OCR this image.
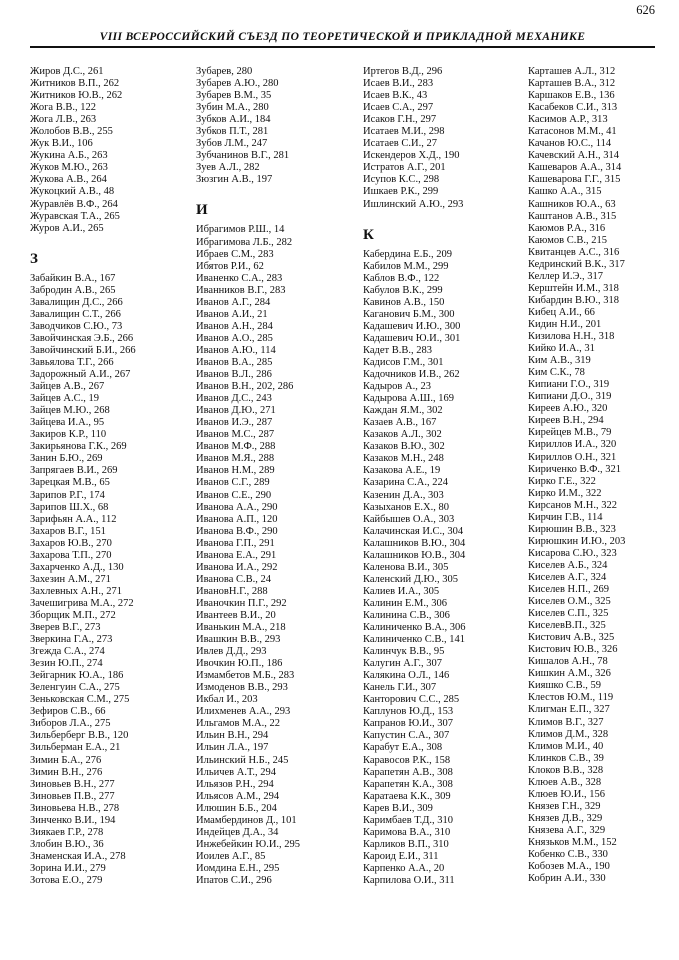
626
VIII ВСЕРОССИЙСКИЙ СЪЕЗД ПО ТЕОРЕТИЧЕСКОЙ И ПРИКЛАДНОЙ МЕХАНИКЕ
Жиров Д.С., 261
Житников В.П., 262
Житников Ю.В., 262
Жога В.В., 122
Жога Л.В., 263
Жолобов В.В., 255
Жук В.И., 106
Жукина А.Б., 263
Жуков М.Ю., 263
Жукова А.В., 264
Жукоцкий А.В., 48
Журавлёв В.Ф., 264
Журавская Т.А., 265
Журов А.И., 265
З
Забайкин В.А., 167
Забродин А.В., 265
Завалищин Д.С., 266
Завалищин С.Т., 266
Заводчиков С.Ю., 73
Завойчинская Э.Б., 266
Завойчинский Б.И., 266
Завьялова Т.Г., 266
Задорожный А.И., 267
Зайцев А.В., 267
Зайцев А.С., 19
Зайцев М.Ю., 268
Зайцева И.А., 95
Закиров К.Р., 110
Закирьянова Г.К., 269
Занин Б.Ю., 269
Запрягаев В.И., 269
Зарецкая М.В., 65
Зарипов Р.Г., 174
Зарипов Ш.Х., 68
Зарифьян А.А., 112
Захаров В.Г., 151
Захаров Ю.В., 270
Захарова Т.П., 270
Захарченко А.Д., 130
Захезин А.М., 271
Захлевных А.Н., 271
Зачешигрива М.А., 272
Зборщик М.П., 272
Зверев В.Г., 273
Зверкина Г.А., 273
Згежда С.А., 274
Зезин Ю.П., 274
Зейгарник Ю.А., 186
Зеленгуин С.А., 275
Зеньковская С.М., 275
Зефиров С.В., 66
Зиборов Л.А., 275
Зильберберг В.В., 120
Зильберман Е.А., 21
Зимин Б.А., 276
Зимин В.Н., 276
Зиновьев В.Н., 277
Зиновьев П.В., 277
Зиновьева Н.В., 278
Зинченко В.И., 194
Зиякаев Г.Р., 278
Злобин В.Ю., 36
Знаменская И.А., 278
Зорина И.И., 279
Зотова Е.О., 279
Зубарев, 280
Зубарев А.Ю., 280
Зубарев В.М., 35
Зубин М.А., 280
Зубков А.И., 184
Зубков П.Т., 281
Зубов Л.М., 247
Зубчанинов В.Г., 281
Зуев А.Л., 282
Зюзгин А.В., 197
И
Ибрагимов Р.Ш., 14
Ибрагимова Л.Б., 282
Ибраев С.М., 283
Ибятов Р.И., 62
Иваненко С.А., 283
Иванников В.Г., 283
Иванов А.Г., 284
Иванов А.И., 21
Иванов А.Н., 284
Иванов А.О., 285
Иванов А.Ю., 114
Иванов В.А., 285
Иванов В.Л., 286
Иванов В.Н., 202, 286
Иванов Д.С., 243
Иванов Д.Ю., 271
Иванов И.Э., 287
Иванов М.С., 287
Иванов М.Ф., 288
Иванов М.Я., 288
Иванов Н.М., 289
Иванов С.Г., 289
Иванов С.Е., 290
Иванова А.А., 290
Иванова А.П., 120
Иванова В.Ф., 290
Иванова Г.П., 291
Иванова Е.А., 291
Иванова И.А., 292
Иванова С.В., 24
ИвановН.Г., 288
Иваночкин П.Г., 292
Ивантеев В.И., 20
Иванькин М.А., 218
Ивашкин В.В., 293
Ивлев Д.Д., 293
Ивочкин Ю.П., 186
Измамбетов М.Б., 283
Измоденов В.В., 293
Икбал И., 203
Илихменев А.А., 293
Ильгамов М.А., 22
Ильин В.Н., 294
Ильин Л.А., 197
Ильинский Н.Б., 245
Ильичев А.Т., 294
Ильязов Р.Н., 294
Ильясов А.М., 294
Илюшин Б.Б., 204
Имамбердинов Д., 101
Индейцев Д.А., 34
Инжебейкин Ю.И., 295
Иоилев А.Г., 85
Иомдина Е.Н., 295
Ипатов С.И., 296
Иртегов В.Д., 296
Исаев В.И., 283
Исаев В.К., 43
Исаев С.А., 297
Исаков Г.Н., 297
Исатаев М.И., 298
Исатаев С.И., 27
Искендеров Х.Д., 190
Истратов А.Г., 201
Исупов К.С., 298
Ишкаев Р.К., 299
Ишлинский А.Ю., 293
К
Кабердина Е.Б., 209
Кабилов М.М., 299
Каблов В.Ф., 122
Кабулов В.К., 299
Кавинов А.В., 150
Каганович Б.М., 300
Кадашевич И.Ю., 300
Кадашевич Ю.И., 301
Кадет В.В., 283
Кадисов Г.М., 301
Кадочников И.В., 262
Кадыров А., 23
Кадырова А.Ш., 169
Каждан Я.М., 302
Казаев А.В., 167
Казаков А.Л., 302
Казаков В.Ю., 302
Казаков М.Н., 248
Казакова А.Е., 19
Казарина С.А., 224
Казенин Д.А., 303
Казыханов Е.Х., 80
Кайбышев О.А., 303
Калачинская И.С., 304
Калашников В.Ю., 304
Калашников Ю.В., 304
Каленова В.И., 305
Каленский Д.Ю., 305
Калиев И.А., 305
Калинин Е.М., 306
Калинина С.В., 306
Калиниченко В.А., 306
Калиниченко С.В., 141
Калинчук В.В., 95
Калугин А.Г., 307
Калякина О.Л., 146
Канель Г.И., 307
Канторович С.С., 285
Каплунов Ю.Д., 153
Капранов Ю.И., 307
Капустин С.А., 307
Карабут Е.А., 308
Каравосов Р.К., 158
Карапетян А.В., 308
Карапетян К.А., 308
Каратаева К.К., 309
Карев В.И., 309
Каримбаев Т.Д., 310
Каримова В.А., 310
Карликов В.П., 310
Кароид Е.И., 311
Карпенко А.А., 20
Карпилова О.И., 311
Карташев А.Л., 312
Карташев В.А., 312
Каршаков Е.В., 136
Касабеков С.И., 313
Касимов А.Р., 313
Катасонов М.М., 41
Качанов Ю.С., 114
Качевский А.Н., 314
Кашеваров А.А., 314
Кашеварова Г.Г., 315
Кашко А.А., 315
Кашников Ю.А., 63
Каштанов А.В., 315
Каюмов Р.А., 316
Каюмов С.В., 215
Квитанцев А.С., 316
Кедринский В.К., 317
Келлер И.Э., 317
Керштейн И.М., 318
Кибардин В.Ю., 318
Кибец А.И., 66
Кидин Н.И., 201
Кизилова Н.Н., 318
Кийко И.А., 31
Ким А.В., 319
Ким С.К., 78
Кипиани Г.О., 319
Кипиани Д.О., 319
Киреев А.Ю., 320
Киреев В.Н., 294
Кирейцев М.В., 79
Кириллов И.А., 320
Кириллов О.Н., 321
Кириченко В.Ф., 321
Кирко Г.Е., 322
Кирко И.М., 322
Кирсанов М.Н., 322
Кирчин Г.В., 114
Кирюшин В.В., 323
Кирюшкин И.Ю., 203
Кисарова С.Ю., 323
Киселев А.Б., 324
Киселев А.Г., 324
Киселев Н.П., 269
Киселев О.М., 325
Киселев С.П., 325
КиселевВ.П., 325
Кистович А.В., 325
Кистович Ю.В., 326
Кишалов А.Н., 78
Кишкин А.М., 326
Кияшко С.В., 59
Клестов Ю.М., 119
Клигман Е.П., 327
Климов В.Г., 327
Климов Д.М., 328
Климов М.И., 40
Клинков С.В., 39
Клоков В.В., 328
Клюев А.В., 328
Клюев Ю.И., 156
Князев Г.Н., 329
Князев Д.В., 329
Князева А.Г., 329
Князьков М.М., 152
Кобенко С.В., 330
Кобозев М.А., 190
Кобрин А.И., 330
